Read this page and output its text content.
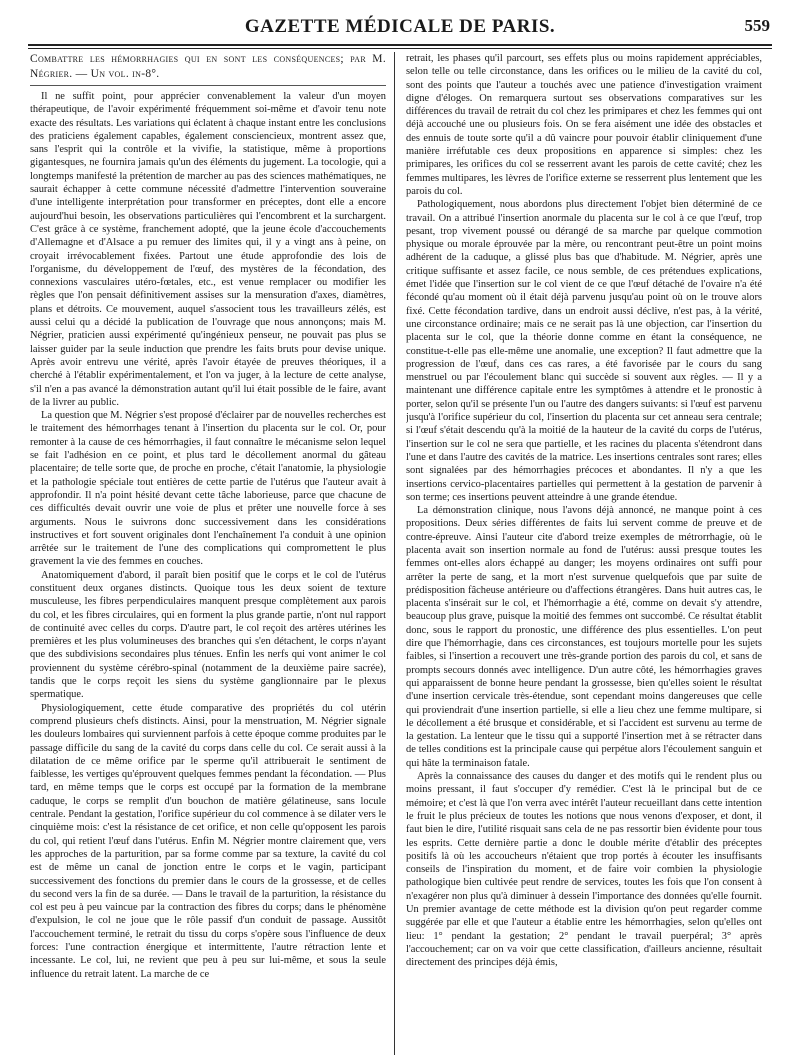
GAZETTE MÉDICALE DE PARIS.	559
Combattre les hémorrhagies qui en sont les conséquences; par M. Négrier. — Un vol. in-8°.

Il ne suffit point, pour apprécier convenablement la valeur d'un moyen thérapeutique, de l'avoir expérimenté fréquemment soi-même et d'avoir tenu note exacte des résultats. Les variations qui éclatent à chaque instant entre les conclusions des praticiens également capables, également consciencieux, montrent assez que, sans l'esprit qui la contrôle et la vivifie, la statistique, même à proportions gigantesques, ne fournira jamais qu'un des éléments du jugement. La tocologie, qui a longtemps manifesté la prétention de marcher au pas des sciences mathématiques, ne saurait échapper à cette commune nécessité d'admettre l'intervention souveraine d'une intelligente interprétation pour transformer en préceptes, dont elle a encore aujourd'hui besoin, les observations particulières qui l'encombrent et la surchargent. C'est grâce à ce système, franchement adopté, que la jeune école d'accouchements d'Allemagne et d'Alsace a pu remuer des limites qui, il y a vingt ans à peine, on croyait irrévocablement fixées. Partout une étude approfondie des lois de l'organisme, du développement de l'œuf, des mystères de la fécondation, des connexions vasculaires utéro-fœtales, etc., est venue remplacer ou modifier les règles que l'on pensait définitivement assises sur la mensuration d'axes, diamètres, plans et détroits. Ce mouvement, auquel s'associent tous les travailleurs zélés, est aussi celui qu a décidé la publication de l'ouvrage que nous annonçons; mais M. Négrier, praticien aussi expérimenté qu'ingénieux penseur, ne pouvait pas plus se laisser guider par la seule induction que prendre les faits bruts pour devise unique. Après avoir entrevu une vérité, après l'avoir étayée de preuves théoriques, il a cherché à l'établir expérimentalement, et l'on va juger, à la lecture de cette analyse, s'il n'en a pas avancé la démonstration autant qu'il lui était possible de le faire, avant de la livrer au public.

La question que M. Négrier s'est proposé d'éclairer par de nouvelles recherches est le traitement des hémorrhages tenant à l'insertion du placenta sur le col. Or, pour remonter à la cause de ces hémorrhagies, il faut connaître le mécanisme selon lequel se fait l'adhésion en ce point, et plus tard le décollement anormal du gâteau placentaire; de telle sorte que, de proche en proche, c'était l'anatomie, la physiologie et la pathologie spéciale tout entières de cette partie de l'utérus que l'auteur avait à approfondir. Il n'a point hésité devant cette tâche laborieuse, parce que chacune de ces difficultés devait ouvrir une voie de plus et prêter une nouvelle force à ses arguments. Nous le suivrons donc successivement dans les considérations instructives et fort souvent originales dont l'enchaînement l'a conduit à une opinion arrêtée sur le traitement de l'une des complications qui compromettent le plus gravement la vie des femmes en couches.

Anatomiquement d'abord, il paraît bien positif que le corps et le col de l'utérus constituent deux organes distincts. Quoique tous les deux soient de texture musculeuse, les fibres perpendiculaires manquent presque complètement aux parois du col, et les fibres circulaires, qui en forment la plus grande partie, n'ont nul rapport de continuité avec celles du corps. D'autre part, le col reçoit des artères utérines les premières et les plus volumineuses des branches qui s'en détachent, le corps n'ayant que des subdivisions secondaires plus ténues. Enfin les nerfs qui vont animer le col proviennent du système cérébro-spinal (notamment de la deuxième paire sacrée), tandis que le corps reçoit les siens du système ganglionnaire par le plexus spermatique.

Physiologiquement, cette étude comparative des propriétés du col utérin comprend plusieurs chefs distincts. Ainsi, pour la menstruation, M. Négrier signale les douleurs lombaires qui surviennent parfois à cette époque comme produites par le passage difficile du sang de la cavité du corps dans celle du col. Ce serait aussi à la dilatation de ce même orifice par le sperme qu'il attribuerait le sentiment de faiblesse, les vertiges qu'éprouvent quelques femmes pendant la fécondation. — Plus tard, en même temps que le corps est occupé par la formation de la membrane caduque, le corps se remplit d'un bouchon de matière gélatineuse, sans locule centrale. Pendant la gestation, l'orifice supérieur du col commence à se dilater vers le cinquième mois: c'est la résistance de cet orifice, et non celle qu'opposent les parois du col, qui retient l'œuf dans l'utérus. Enfin M. Négrier montre clairement que, vers les approches de la parturition, par sa forme comme par sa texture, la cavité du col est de même un canal de jonction entre le corps et le vagin, participant successivement des fonctions du premier dans le cours de la grossesse, et de celles du second vers la fin de sa durée. — Dans le travail de la parturition, la résistance du col est peu à peu vaincue par la contraction des fibres du corps; dans le phénomène d'expulsion, le col ne joue que le rôle passif d'un conduit de passage. Aussitôt l'accouchement terminé, le retrait du tissu du corps s'opère sous l'influence de deux forces: l'une contraction énergique et intermittente, l'autre rétraction lente et incessante. Le col, lui, ne revient que peu à peu sur lui-même, et sous la seule influence du retrait latent. La marche de ce

retrait, les phases qu'il parcourt, ses effets plus ou moins rapidement appréciables, selon telle ou telle circonstance, dans les orifices ou le milieu de la cavité du col, sont des points que l'auteur a touchés avec une patience d'investigation vraiment digne d'éloges. On remarquera surtout ses observations comparatives sur les différences du travail de retrait du col chez les primipares et chez les femmes qui ont déjà accouché une ou plusieurs fois. On se fera aisément une idée des obstacles et des ennuis de toute sorte qu'il a dû vaincre pour pouvoir établir cliniquement d'une manière irréfutable ces deux propositions en apparence si simples: chez les primipares, les orifices du col se resserrent avant les parois de cette cavité; chez les femmes multipares, les lèvres de l'orifice externe se resserrent plus lentement que les parois du col.

Pathologiquement, nous abordons plus directement l'objet bien déterminé de ce travail. On a attribué l'insertion anormale du placenta sur le col à ce que l'œuf, trop pesant, trop vivement poussé ou dérangé de sa marche par quelque commotion physique ou morale éprouvée par la mère, ou rencontrant peut-être un point moins adhérent de la caduque, a glissé plus bas que d'habitude. M. Négrier, après une critique suffisante et assez facile, ce nous semble, de ces prétendues explications, émet l'idée que l'insertion sur le col vient de ce que l'œuf détaché de l'ovaire n'a été fécondé qu'au moment où il était déjà parvenu jusqu'au point où on le trouve alors fixé. Cette fécondation tardive, dans un endroit aussi déclive, n'est pas, à la vérité, une circonstance ordinaire; mais ce ne serait pas là une objection, car l'insertion du placenta sur le col, que la théorie donne comme en étant la conséquence, ne constitue-t-elle pas elle-même une anomalie, une exception? Il faut admettre que la progression de l'œuf, dans ces cas rares, a été favorisée par le cours du sang menstruel ou par l'écoulement blanc qui succède si souvent aux règles. — Il y a maintenant une différence capitale entre les symptômes à attendre et le pronostic à porter, selon qu'il se présente l'un ou l'autre des dangers suivants: si l'œuf est parvenu jusqu'à l'orifice supérieur du col, l'insertion du placenta sur cet anneau sera centrale; si l'œuf s'était descendu qu'à la moitié de la hauteur de la cavité du corps de l'utérus, l'insertion sur le col ne sera que partielle, et les racines du placenta s'étendront dans l'une et dans l'autre des cavités de la matrice. Les insertions centrales sont rares; elles sont signalées par des hémorrhagies précoces et abondantes. Il n'y a que les insertions cervico-placentaires partielles qui permettent à la gestation de parvenir à son terme; ces insertions peuvent atteindre à une grande étendue.

La démonstration clinique, nous l'avons déjà annoncé, ne manque point à ces propositions. Deux séries différentes de faits lui servent comme de preuve et de contre-épreuve. Ainsi l'auteur cite d'abord treize exemples de métrorrhagie, où le placenta avait son insertion normale au fond de l'utérus: aussi presque toutes les femmes ont-elles alors échappé au danger; les moyens ordinaires ont suffi pour arrêter la perte de sang, et la mort n'est survenue quelquefois que par suite de prédisposition fâcheuse antérieure ou d'affections étrangères. Dans huit autres cas, le placenta s'insérait sur le col, et l'hémorrhagie a été, comme on devait s'y attendre, beaucoup plus grave, puisque la moitié des femmes ont succombé. Ce résultat établit donc, sous le rapport du pronostic, une différence des plus essentielles. L'on peut dire que l'hémorrhagie, dans ces circonstances, est toujours mortelle pour les sujets faibles, si l'insertion a recouvert une très-grande portion des parois du col, et sans de prompts secours donnés avec intelligence. D'un autre côté, les hémorrhagies graves qui apparaissent de bonne heure pendant la grossesse, bien qu'elles soient le résultat d'une insertion cervicale très-étendue, sont cependant moins dangereuses que celle qui proviendrait d'une insertion partielle, si elle a lieu chez une femme multipare, si le décollement a été brusque et considérable, et si l'accident est survenu au terme de la gestation. La lenteur que le tissu qui a supporté l'insertion met à se rétracter dans de telles conditions est la principale cause qui perpétue alors l'écoulement sanguin et qui hâte la terminaison fatale.

Après la connaissance des causes du danger et des motifs qui le rendent plus ou moins pressant, il faut s'occuper d'y remédier. C'est là le principal but de ce mémoire; et c'est là que l'on verra avec intérêt l'auteur recueillant dans cette intention le fruit le plus précieux de toutes les notions que nous venons d'exposer, et dont, il faut bien le dire, l'utilité risquait sans cela de ne pas ressortir bien évidente pour tous les esprits. Cette dernière partie a donc le double mérite d'établir des préceptes positifs là où les accoucheurs n'étaient que trop portés à écouter les insuffisants conseils de l'inspiration du moment, et de faire voir combien la physiologie pathologique bien cultivée peut rendre de services, toutes les fois que l'on consent à n'exagérer non plus qu'à diminuer à dessein l'importance des données qu'elle fournit. Un premier avantage de cette méthode est la division qu'on peut regarder comme suggérée par elle et que l'auteur a établie entre les hémorrhagies, selon qu'elles ont lieu: 1° pendant la gestation; 2° pendant le travail puerpéral; 3° après l'accouchement; car on va voir que cette classification, d'ailleurs ancienne, résultait directement des principes déjà émis,
